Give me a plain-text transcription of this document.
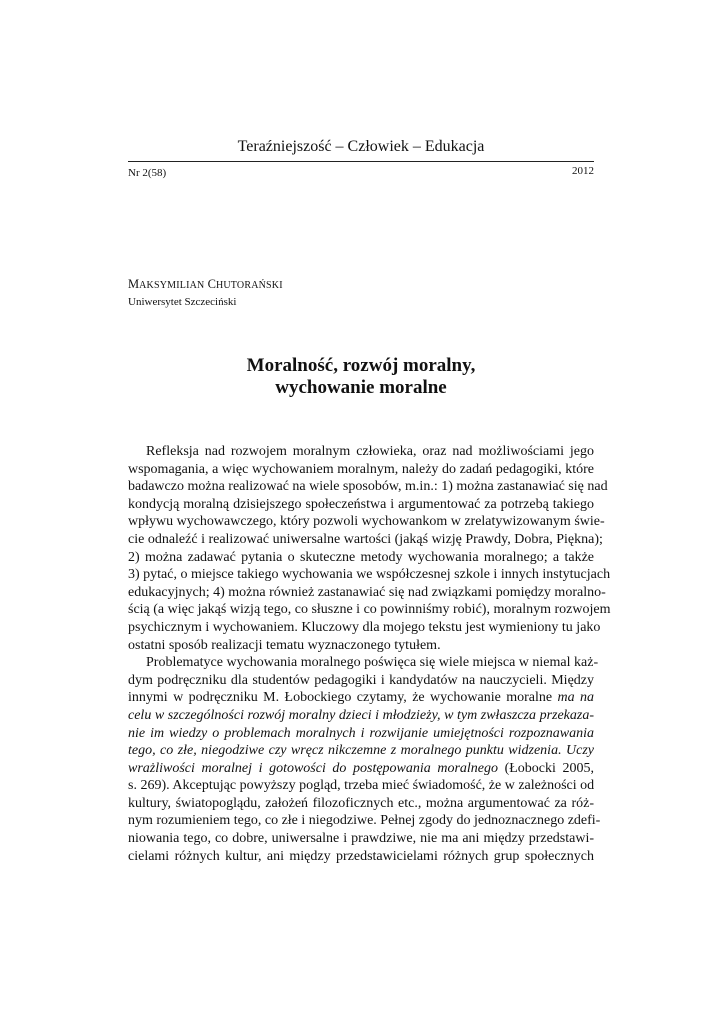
Teraźniejszość – Człowiek – Edukacja
Nr 2(58)	2012
MAKSYMILIAN CHUTORAŃSKI
Uniwersytet Szczeciński
Moralność, rozwój moralny,
wychowanie moralne
Refleksja nad rozwojem moralnym człowieka, oraz nad możliwościami jego
wspomagania, a więc wychowaniem moralnym, należy do zadań pedagogiki, które
badawczo można realizować na wiele sposobów, m.in.: 1) można zastanawiać się nad
kondycją moralną dzisiejszego społeczeństwa i argumentować za potrzebą takiego
wpływu wychowawczego, który pozwoli wychowankom w zrelatywizowanym świe-
cie odnaleźć i realizować uniwersalne wartości (jakąś wizję Prawdy, Dobra, Piękna);
2) można zadawać pytania o skuteczne metody wychowania moralnego; a także
3) pytać, o miejsce takiego wychowania we współczesnej szkole i innych instytucjach
edukacyjnych; 4) można również zastanawiać się nad związkami pomiędzy moralno-
ścią (a więc jakąś wizją tego, co słuszne i co powinniśmy robić), moralnym rozwojem
psychicznym i wychowaniem. Kluczowy dla mojego tekstu jest wymieniony tu jako
ostatni sposób realizacji tematu wyznaczonego tytułem.
Problematyce wychowania moralnego poświęca się wiele miejsca w niemal każ-
dym podręczniku dla studentów pedagogiki i kandydatów na nauczycieli. Między
innymi w podręczniku M. Łobockiego czytamy, że wychowanie moralne ma na
celu w szczególności rozwój moralny dzieci i młodzieży, w tym zwłaszcza przekaza-
nie im wiedzy o problemach moralnych i rozwijanie umiejętności rozpoznawania
tego, co złe, niegodziwe czy wręcz nikczemne z moralnego punktu widzenia. Uczy
wrażliwości moralnej i gotowości do postępowania moralnego (Łobocki 2005,
s. 269). Akceptując powyższy pogląd, trzeba mieć świadomość, że w zależności od
kultury, światopoglądu, założeń filozoficznych etc., można argumentować za róż-
nym rozumieniem tego, co złe i niegodziwe. Pełnej zgody do jednoznacznego zdefi-
niowania tego, co dobre, uniwersalne i prawdziwe, nie ma ani między przedstawi-
cielami różnych kultur, ani między przedstawicielami różnych grup społecznych
